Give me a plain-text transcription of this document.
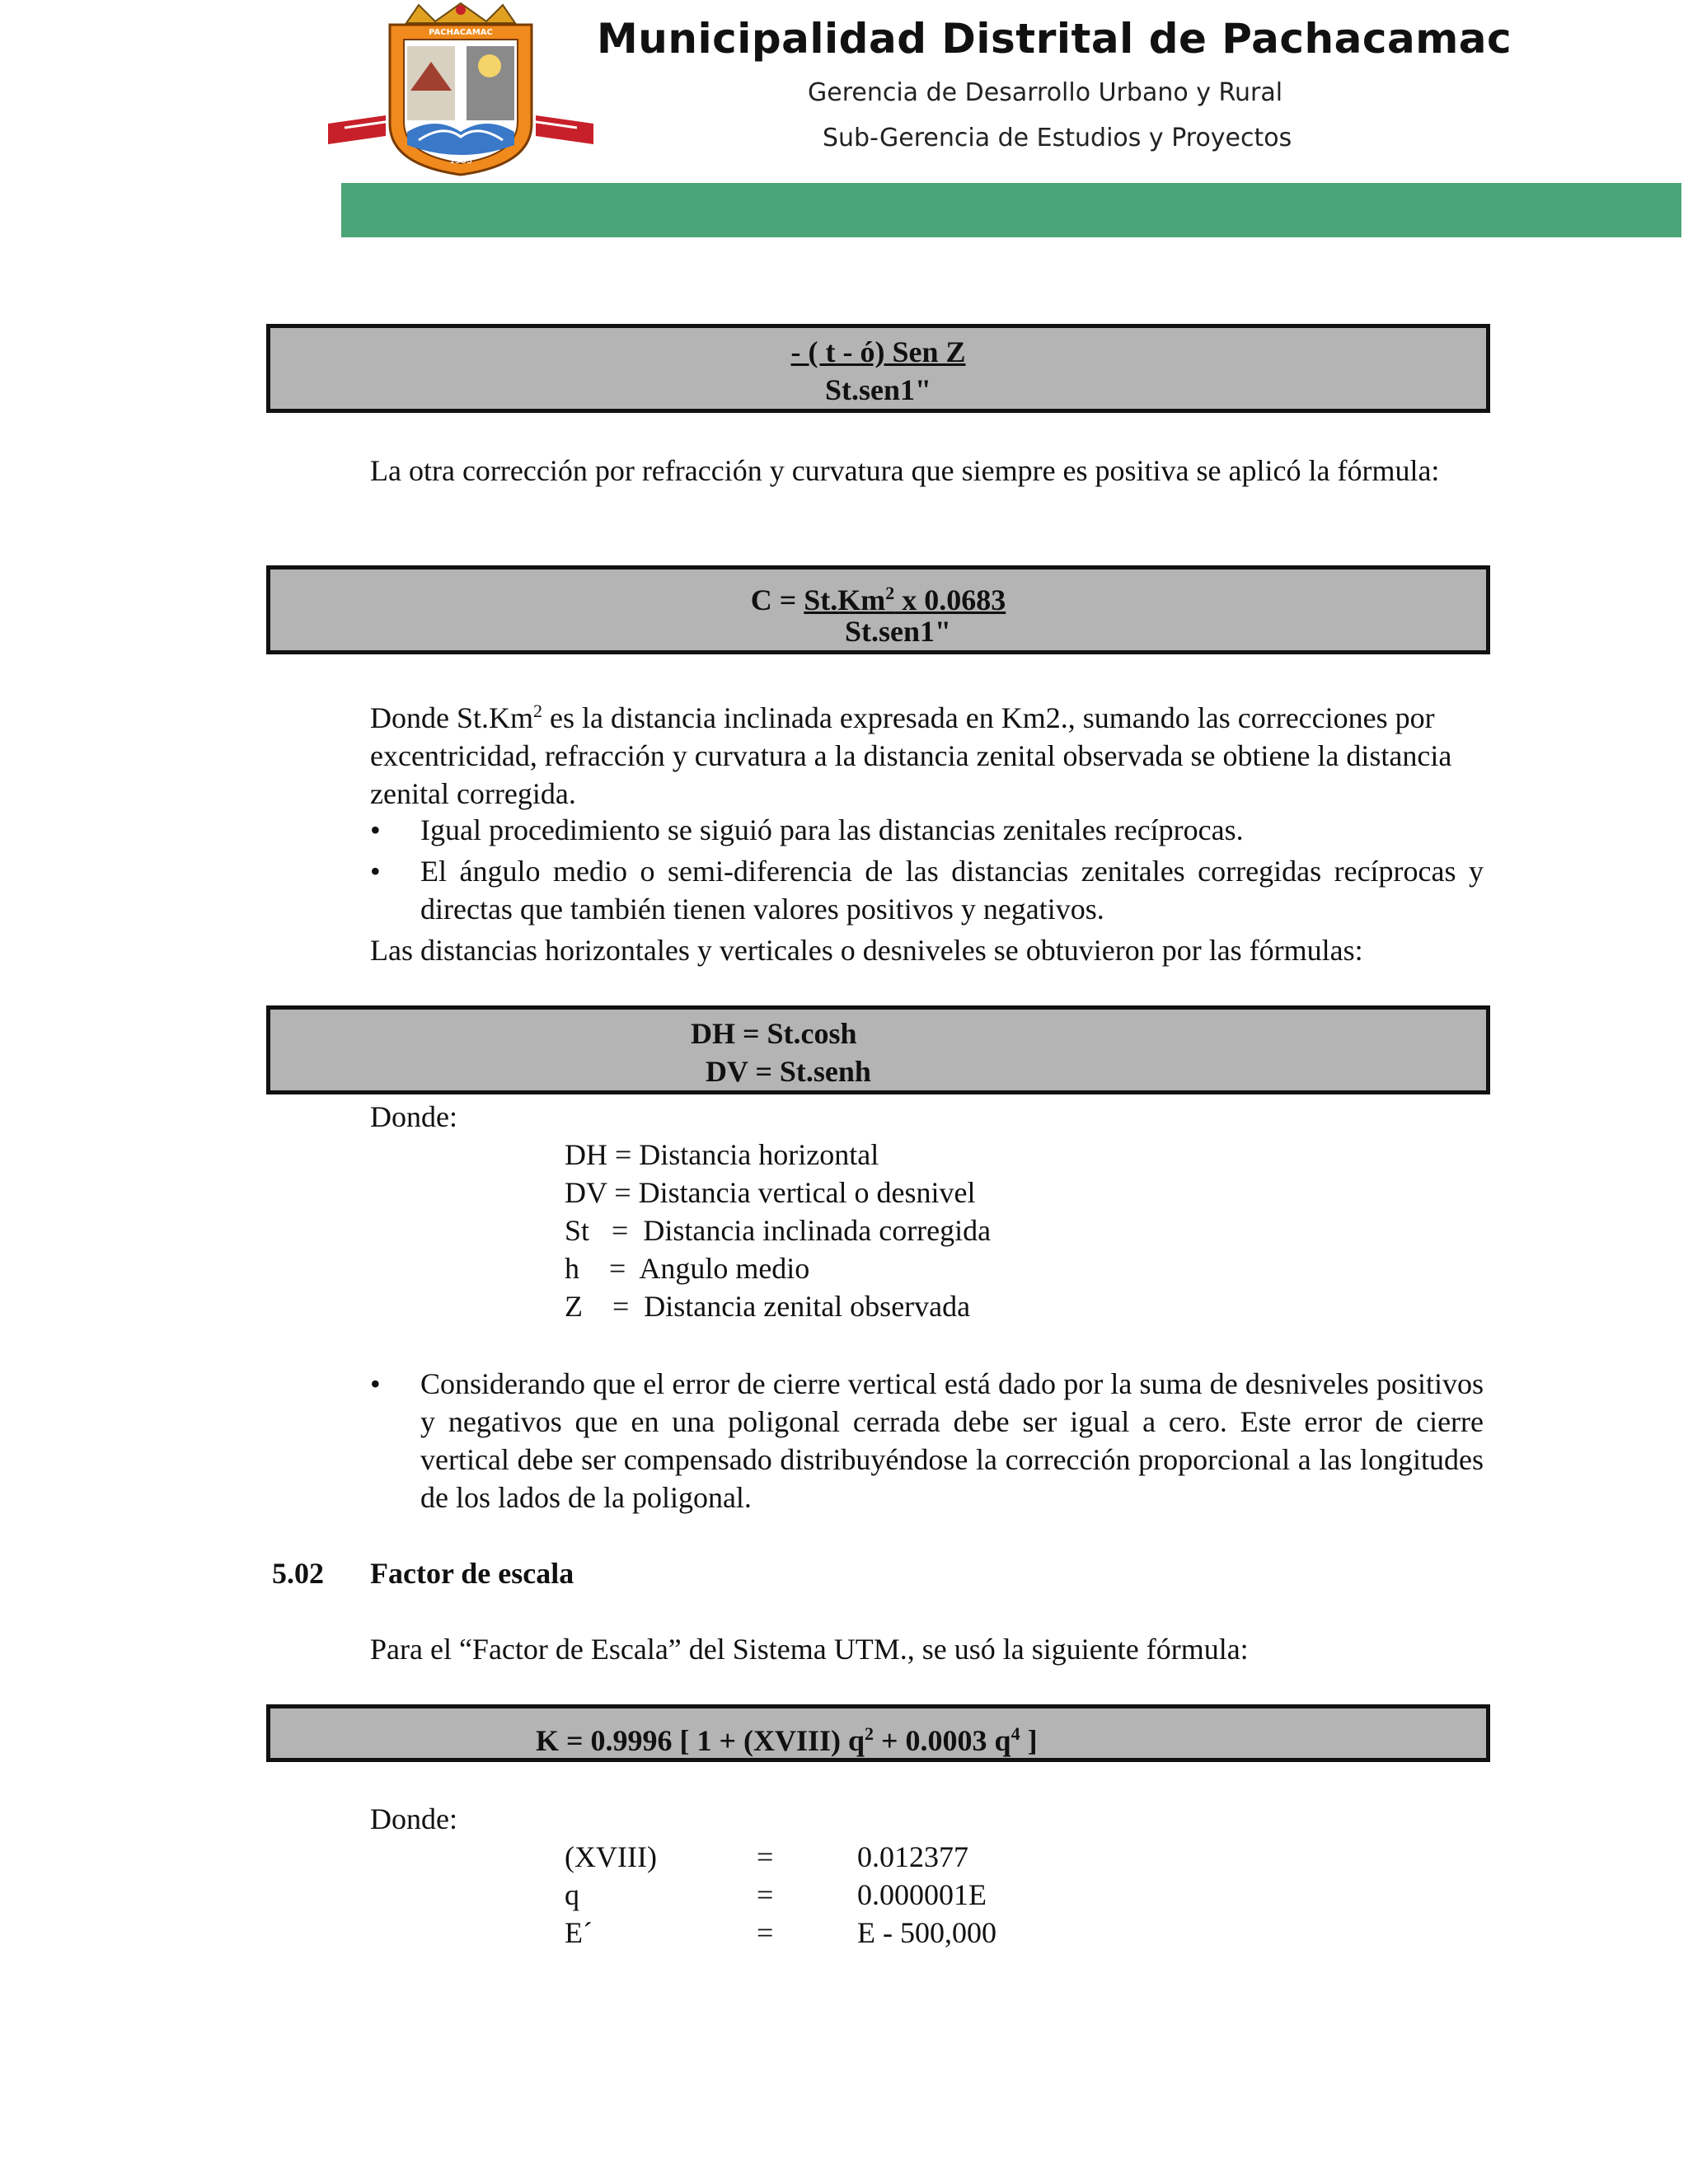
PACHACAMAC
1533
Municipalidad Distrital de Pachacamac
Gerencia de Desarrollo Urbano y Rural
Sub-Gerencia de Estudios y Proyectos
- ( t - ó) Sen Z
St.sen1"
La otra corrección por refracción y curvatura que siempre es positiva se aplicó la fórmula:
$C = St.Km^2$ x 0.0683
St.sen1"
Donde St.Km$^2$ es la distancia inclinada expresada en Km2., sumando las correcciones por excentricidad, refracción y curvatura a la distancia zenital observada se obtiene la distancia zenital corregida.
• Igual procedimiento se siguió para las distancias zenitales recíprocas.
• El ángulo medio o semi-diferencia de las distancias zenitales corregidas recíprocas y directas que también tienen valores positivos y negativos.
Las distancias horizontales y verticales o desniveles se obtuvieron por las fórmulas:
DH = St.cosh
DV = St.senh
Donde:
DH = Distancia horizontal
DV = Distancia vertical o desnivel
St   =  Distancia inclinada corregida
h    =  Angulo medio
Z    =  Distancia zenital observada
• Considerando que el error de cierre vertical está dado por la suma de desniveles positivos y negativos que en una poligonal cerrada debe ser igual a cero. Este error de cierre vertical debe ser compensado distribuyéndose la corrección proporcional a las longitudes de los lados de la poligonal.
5.02 Factor de escala
Para el “Factor de Escala” del Sistema UTM., se usó la siguiente fórmula:
K = 0.9996 [ 1 + (XVIII) $q^2 + 0.0003$ $q^4$ ]
Donde:
(XVIII)	=	0.012377
q	=	0.000001E
E´	=	E - 500,000
